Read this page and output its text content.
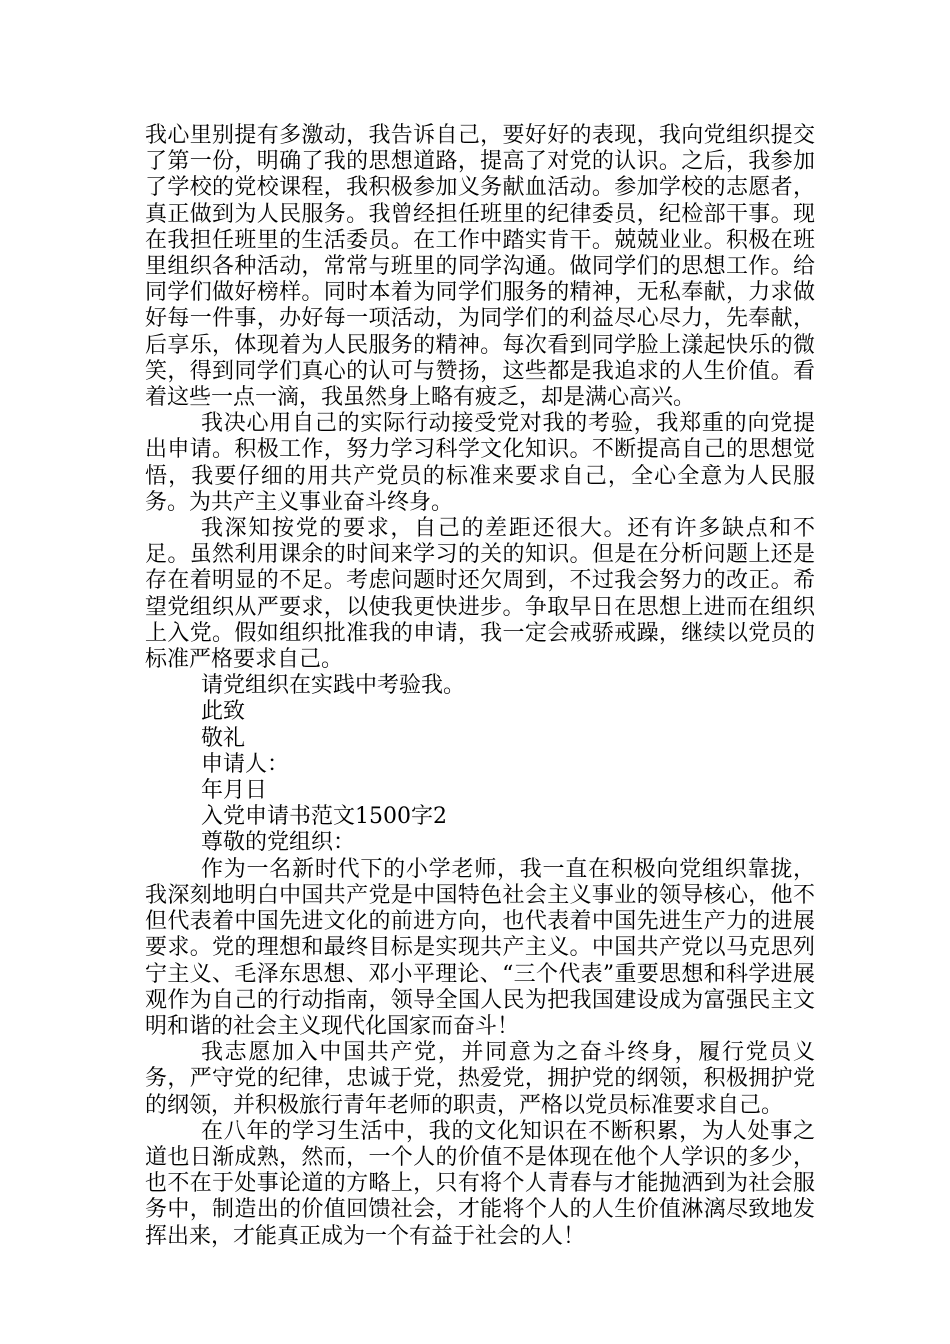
我心里别提有多激动，我告诉自己，要好好的表现，我向党组织提交了第一份，明确了我的思想道路，提高了对党的认识。之后，我参加了学校的党校课程，我积极参加义务献血活动。参加学校的志愿者，真正做到为人民服务。我曾经担任班里的纪律委员，纪检部干事。现在我担任班里的生活委员。在工作中踏实肯干。兢兢业业。积极在班里组织各种活动，常常与班里的同学沟通。做同学们的思想工作。给同学们做好榜样。同时本着为同学们服务的精神，无私奉献，力求做好每一件事，办好每一项活动，为同学们的利益尽心尽力，先奉献，后享乐，体现着为人民服务的精神。每次看到同学脸上漾起快乐的微笑，得到同学们真心的认可与赞扬，这些都是我追求的人生价值。看着这些一点一滴，我虽然身上略有疲乏，却是满心高兴。

我决心用自己的实际行动接受党对我的考验，我郑重的向党提出申请。积极工作，努力学习科学文化知识。不断提高自己的思想觉悟，我要仔细的用共产党员的标准来要求自己，全心全意为人民服务。为共产主义事业奋斗终身。

我深知按党的要求，自己的差距还很大。还有许多缺点和不足。虽然利用课余的时间来学习的关的知识。但是在分析问题上还是存在着明显的不足。考虑问题时还欠周到，不过我会努力的改正。希望党组织从严要求，以使我更快进步。争取早日在思想上进而在组织上入党。假如组织批准我的申请，我一定会戒骄戒躁，继续以党员的标准严格要求自己。

请党组织在实践中考验我。

此致

敬礼

申请人：

年月日

入党申请书范文1500字2

尊敬的党组织：

作为一名新时代下的小学老师，我一直在积极向党组织靠拢，我深刻地明白中国共产党是中国特色社会主义事业的领导核心，他不但代表着中国先进文化的前进方向，也代表着中国先进生产力的进展要求。党的理想和最终目标是实现共产主义。中国共产党以马克思列宁主义、毛泽东思想、邓小平理论、“三个代表”重要思想和科学进展观作为自己的行动指南，领导全国人民为把我国建设成为富强民主文明和谐的社会主义现代化国家而奋斗！

我志愿加入中国共产党，并同意为之奋斗终身，履行党员义务，严守党的纪律，忠诚于党，热爱党，拥护党的纲领，积极拥护党的纲领，并积极旅行青年老师的职责，严格以党员标准要求自己。

在八年的学习生活中，我的文化知识在不断积累，为人处事之道也日渐成熟，然而，一个人的价值不是体现在他个人学识的多少，也不在于处事论道的方略上，只有将个人青春与才能抛洒到为社会服务中，制造出的价值回馈社会，才能将个人的人生价值淋漓尽致地发挥出来，才能真正成为一个有益于社会的人！
